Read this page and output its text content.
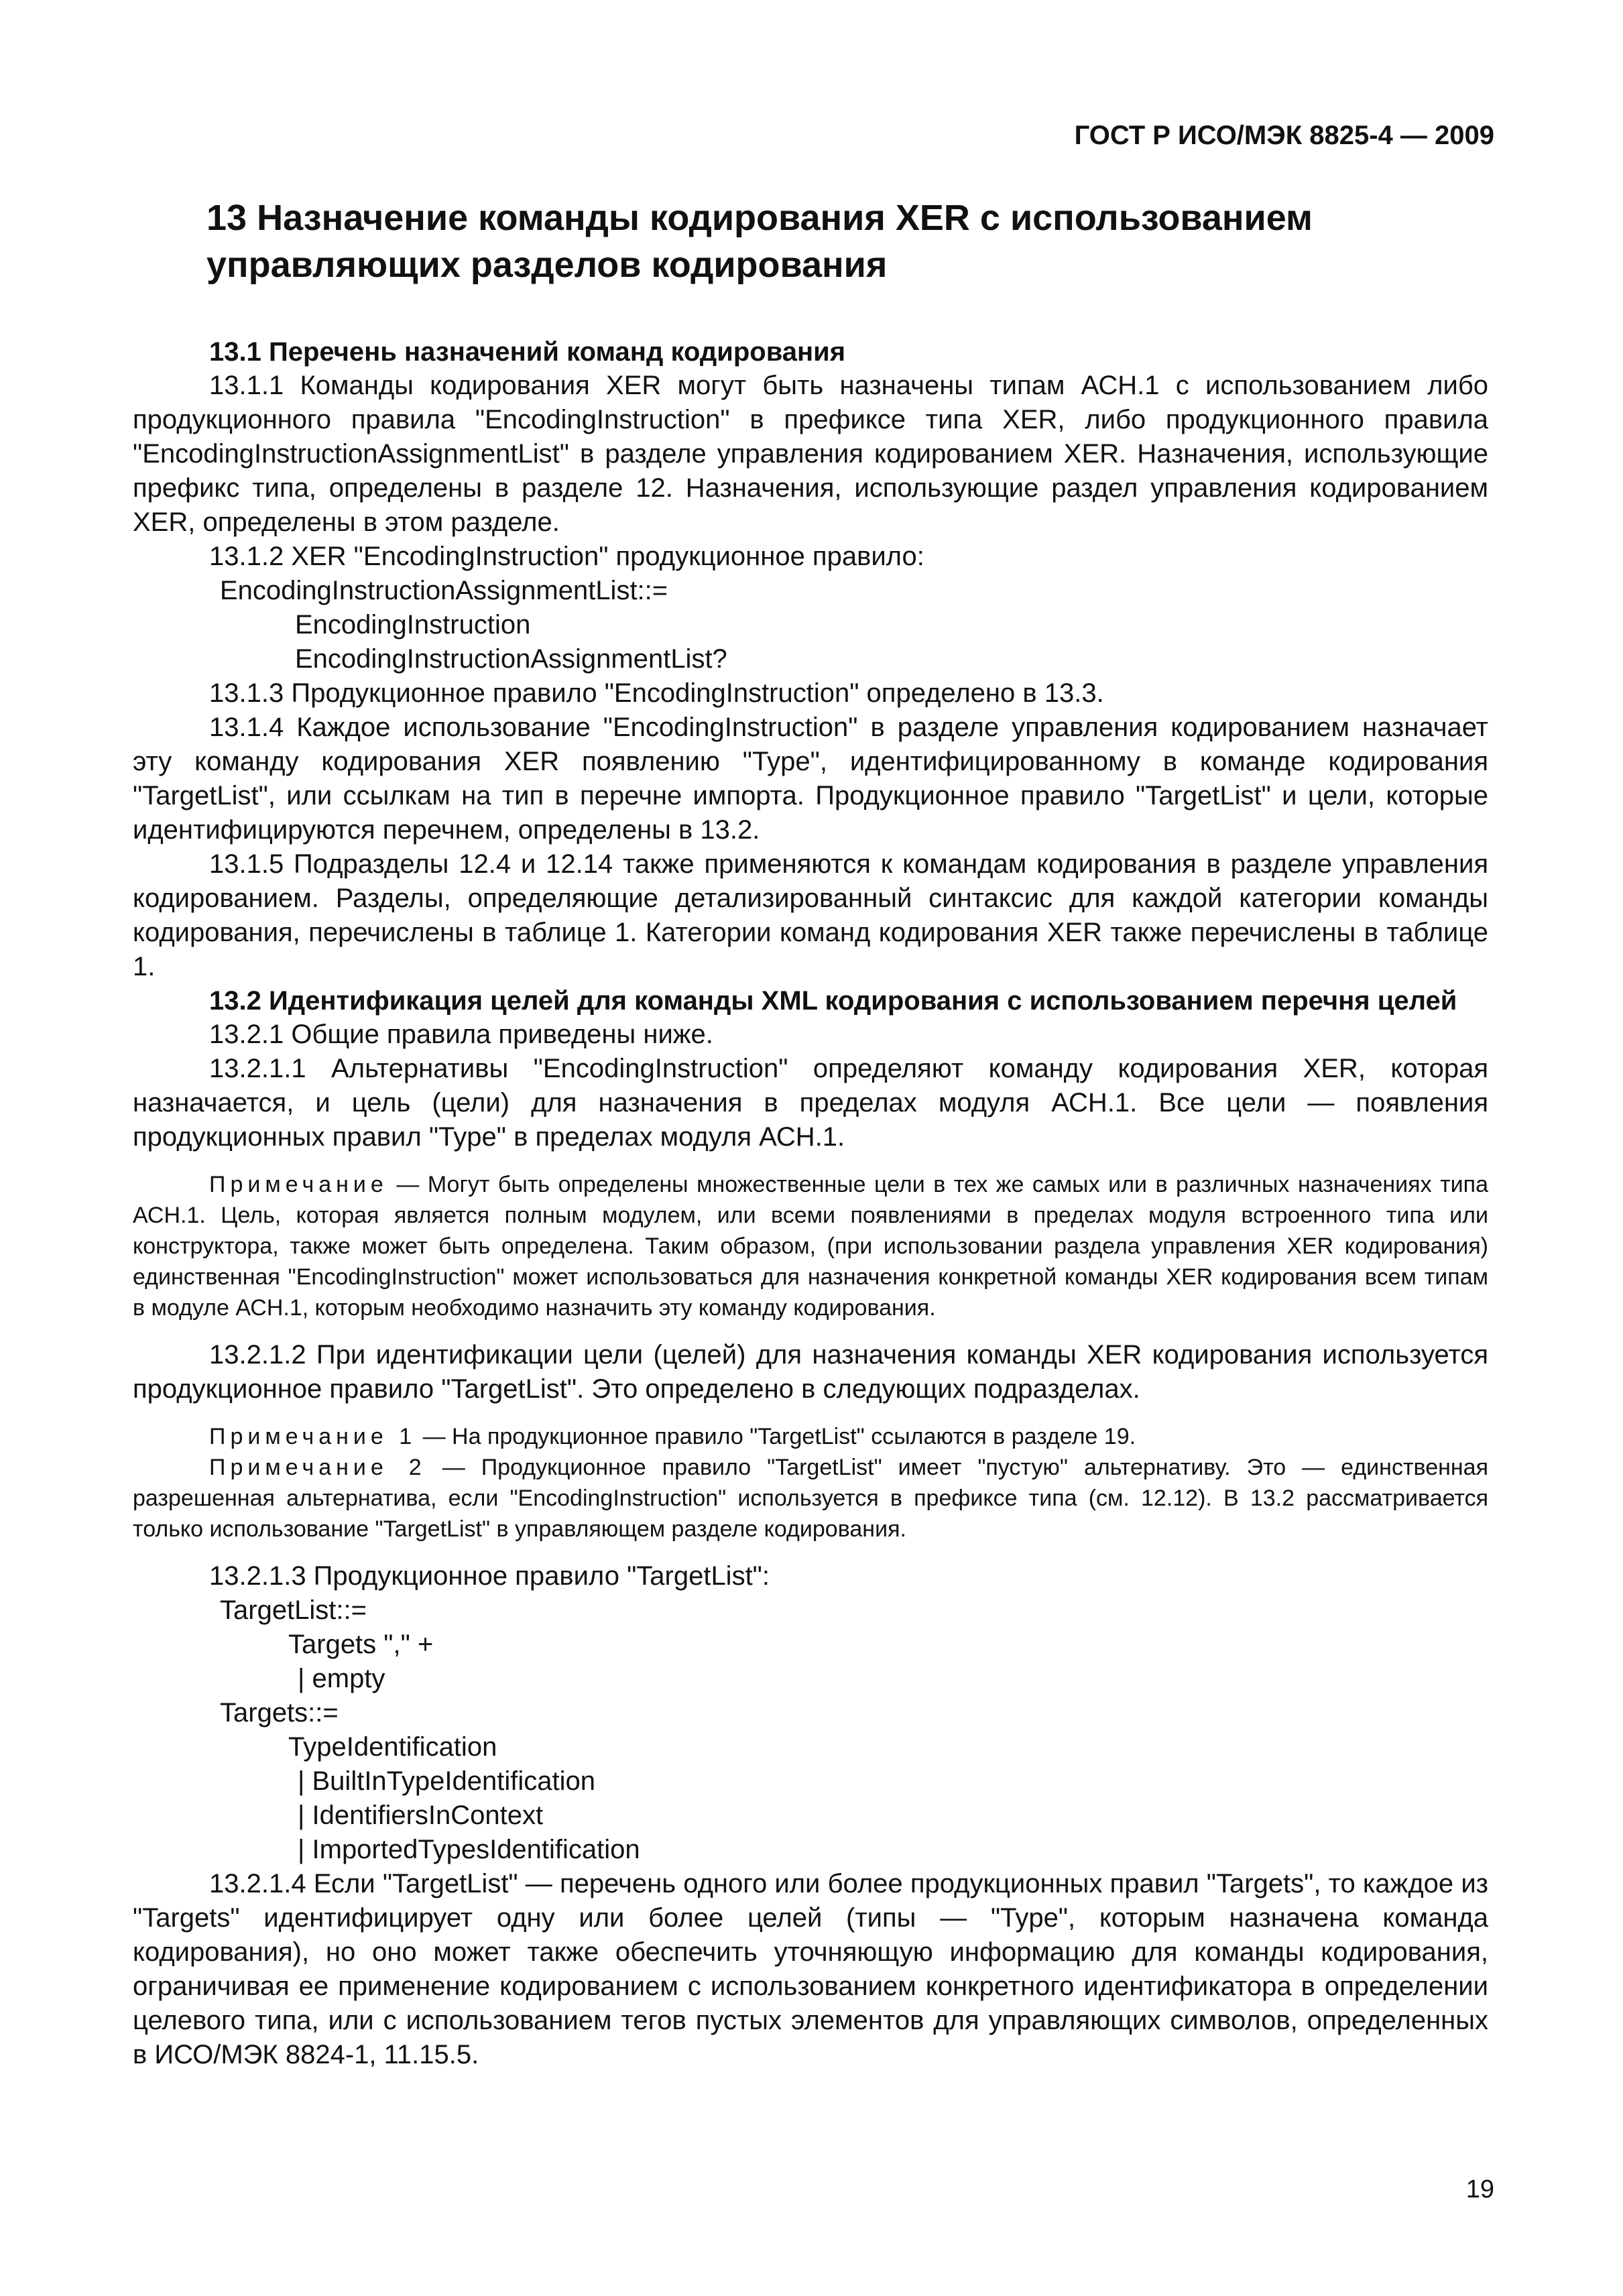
ГОСТ Р ИСО/МЭК 8825-4 — 2009
13 Назначение команды кодирования XER с использованием управляющих разделов кодирования
13.1 Перечень назначений команд кодирования

13.1.1 Команды кодирования XER могут быть назначены типам АСН.1 с использованием либо продукционного правила "EncodingInstruction" в префиксе типа XER, либо продукционного правила "EncodingInstructionAssignmentList" в разделе управления кодированием XER. Назначения, использующие префикс типа, определены в разделе 12. Назначения, использующие раздел управления кодированием XER, определены в этом разделе.

13.1.2 XER "EncodingInstruction" продукционное правило:

EncodingInstructionAssignmentList::=
EncodingInstruction
EncodingInstructionAssignmentList?

13.1.3 Продукционное правило "EncodingInstruction" определено в 13.3.

13.1.4 Каждое использование "EncodingInstruction" в разделе управления кодированием назначает эту команду кодирования XER появлению "Type", идентифицированному в команде кодирования "TargetList", или ссылкам на тип в перечне импорта. Продукционное правило "TargetList" и цели, которые идентифицируются перечнем, определены в 13.2.

13.1.5 Подразделы 12.4 и 12.14 также применяются к командам кодирования в разделе управления кодированием. Разделы, определяющие детализированный синтаксис для каждой категории команды кодирования, перечислены в таблице 1. Категории команд кодирования XER также перечислены в таблице 1.

13.2 Идентификация целей для команды XML кодирования с использованием перечня целей

13.2.1 Общие правила приведены ниже.

13.2.1.1 Альтернативы "EncodingInstruction" определяют команду кодирования XER, которая назначается, и цель (цели) для назначения в пределах модуля АСН.1. Все цели — появления продукционных правил "Type" в пределах модуля АСН.1.

Примечание — Могут быть определены множественные цели в тех же самых или в различных назначениях типа АСН.1. Цель, которая является полным модулем, или всеми появлениями в пределах модуля встроенного типа или конструктора, также может быть определена. Таким образом, (при использовании раздела управления XER кодирования) единственная "EncodingInstruction" может использоваться для назначения конкретной команды XER кодирования всем типам в модуле АСН.1, которым необходимо назначить эту команду кодирования.

13.2.1.2 При идентификации цели (целей) для назначения команды XER кодирования используется продукционное правило "TargetList". Это определено в следующих подразделах.

Примечание 1 — На продукционное правило "TargetList" ссылаются в разделе 19.

Примечание 2 — Продукционное правило "TargetList" имеет "пустую" альтернативу. Это — единственная разрешенная альтернатива, если "EncodingInstruction" используется в префиксе типа (см. 12.12). В 13.2 рассматривается только использование "TargetList" в управляющем разделе кодирования.

13.2.1.3 Продукционное правило "TargetList":

TargetList::=
Targets "," +
| empty
Targets::=
TypeIdentification
| BuiltInTypeIdentification
| IdentifiersInContext
| ImportedTypesIdentification

13.2.1.4 Если "TargetList" — перечень одного или более продукционных правил "Targets", то каждое из "Targets" идентифицирует одну или более целей (типы — "Type", которым назначена команда кодирования), но оно может также обеспечить уточняющую информацию для команды кодирования, ограничивая ее применение кодированием с использованием конкретного идентификатора в определении целевого типа, или с использованием тегов пустых элементов для управляющих символов, определенных в ИСО/МЭК 8824-1, 11.15.5.

19
